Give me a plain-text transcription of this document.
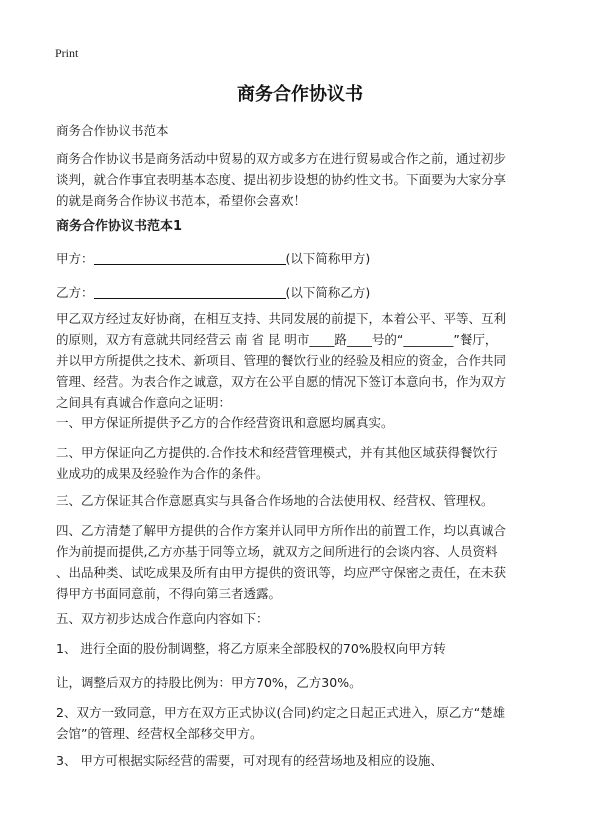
Print
商务合作协议书
商务合作协议书范本
商务合作协议书是商务活动中贸易的双方或多方在进行贸易或合作之前，通过初步
谈判，就合作事宜表明基本态度、提出初步设想的协约性文书。下面要为大家分享
的就是商务合作协议书范本，希望你会喜欢！
商务合作协议书范本1
甲方：	(以下简称甲方)
乙方：	(以下简称乙方)
甲乙双方经过友好协商，在相互支持、共同发展的前提下，本着公平、平等、互利
的原则，双方有意就共同经营云 南 省 昆 明市____路____号的“________”餐厅，
并以甲方所提供之技术、新项目、管理的餐饮行业的经验及相应的资金，合作共同
管理、经营。为表合作之诚意，双方在公平自愿的情况下签订本意向书，作为双方
之间具有真诚合作意向之证明：
一、甲方保证所提供予乙方的合作经营资讯和意愿均属真实。
二、甲方保证向乙方提供的.合作技术和经营管理模式，并有其他区域获得餐饮行
业成功的成果及经验作为合作的条件。
三、乙方保证其合作意愿真实与具备合作场地的合法使用权、经营权、管理权。
四、乙方清楚了解甲方提供的合作方案并认同甲方所作出的前置工作，均以真诚合
作为前提而提供,乙方亦基于同等立场，就双方之间所进行的会谈内容、人员资料
、出品种类、试吃成果及所有由甲方提供的资讯等，均应严守保密之责任，在未获
得甲方书面同意前，不得向第三者透露。
五、双方初步达成合作意向内容如下：
1、 进行全面的股份制调整，将乙方原来全部股权的70%股权向甲方转
让，调整后双方的持股比例为：甲方70%，乙方30%。
2、双方一致同意，甲方在双方正式协议(合同)约定之日起正式进入，原乙方“楚雄
会馆”的管理、经营权全部移交甲方。
3、 甲方可根据实际经营的需要，可对现有的经营场地及相应的设施、
